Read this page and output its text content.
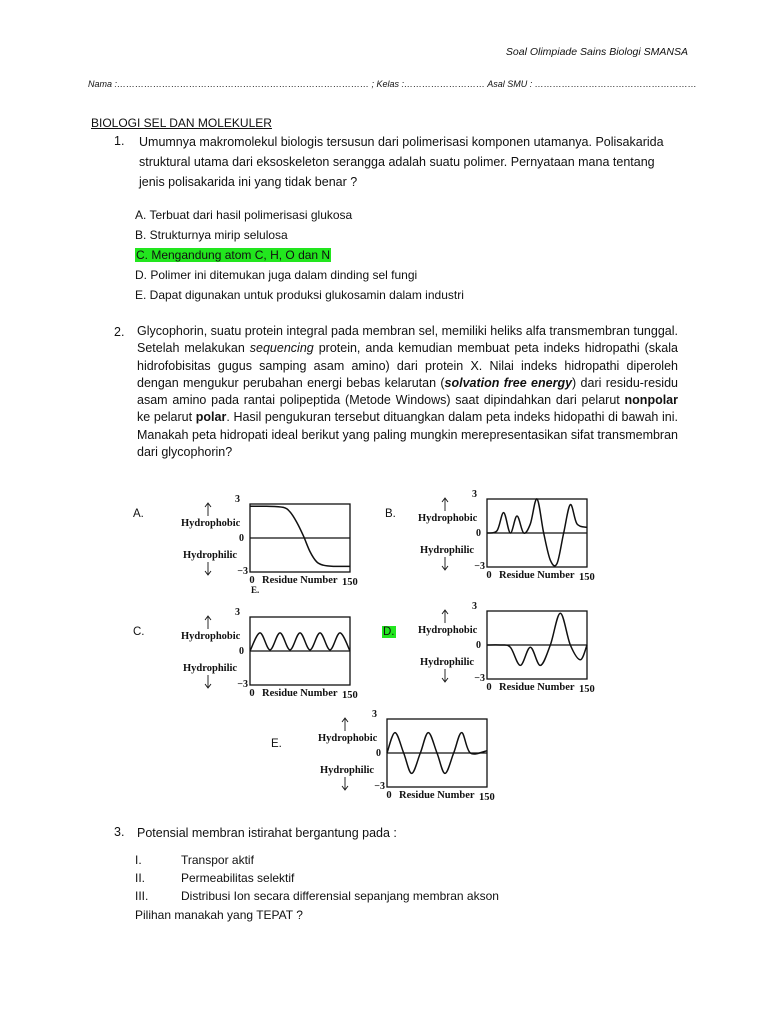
Soal Olimpiade Sains Biologi SMANSA
Nama :………………………………………………………………………… ; Kelas :……………………… Asal SMU : ………………………………………………
BIOLOGI SEL DAN MOLEKULER
1. Umumnya makromolekul biologis tersusun dari polimerisasi komponen utamanya. Polisakarida
struktural utama dari eksoskeleton serangga adalah suatu polimer. Pernyataan mana tentang
jenis polisakarida ini yang tidak benar ?
A. Terbuat dari hasil polimerisasi glukosa
B. Strukturnya mirip selulosa
C. Mengandung atom C, H, O dan N
D. Polimer ini ditemukan juga dalam dinding sel fungi
E. Dapat digunakan untuk produksi glukosamin dalam industri
2. Glycophorin, suatu protein integral pada membran sel, memiliki heliks alfa transmembran tunggal. Setelah melakukan sequencing protein, anda kemudian membuat peta indeks hidropathi (skala hidrofobisitas gugus samping asam amino) dari protein X. Nilai indeks hidropathi diperoleh dengan mengukur perubahan energi bebas kelarutan (solvation free energy) dari residu-residu asam amino pada rantai polipeptida (Metode Windows) saat dipindahkan dari pelarut nonpolar ke pelarut polar. Hasil pengukuran tersebut dituangkan dalam peta indeks hidopathi di bawah ini. Manakah peta hidropati ideal berikut yang paling mungkin merepresentasikan sifat transmembran dari glycophorin?
A.	B.
C.	D.
E.
3
0
−3
Hydrophobic
Hydrophilic
0 Residue Number 150
E.
3
0
−3
Hydrophobic
Hydrophilic
0 Residue Number 150
3
0
−3
Hydrophobic
Hydrophilic
0 Residue Number 150
3
0
−3
Hydrophobic
Hydrophilic
0 Residue Number 150
3
0
−3
Hydrophobic
Hydrophilic
0 Residue Number 150
3. Potensial membran istirahat bergantung pada :
I.	Transpor aktif
II.	Permeabilitas selektif
III.	Distribusi Ion secara differensial sepanjang membran akson
Pilihan manakah yang TEPAT ?
